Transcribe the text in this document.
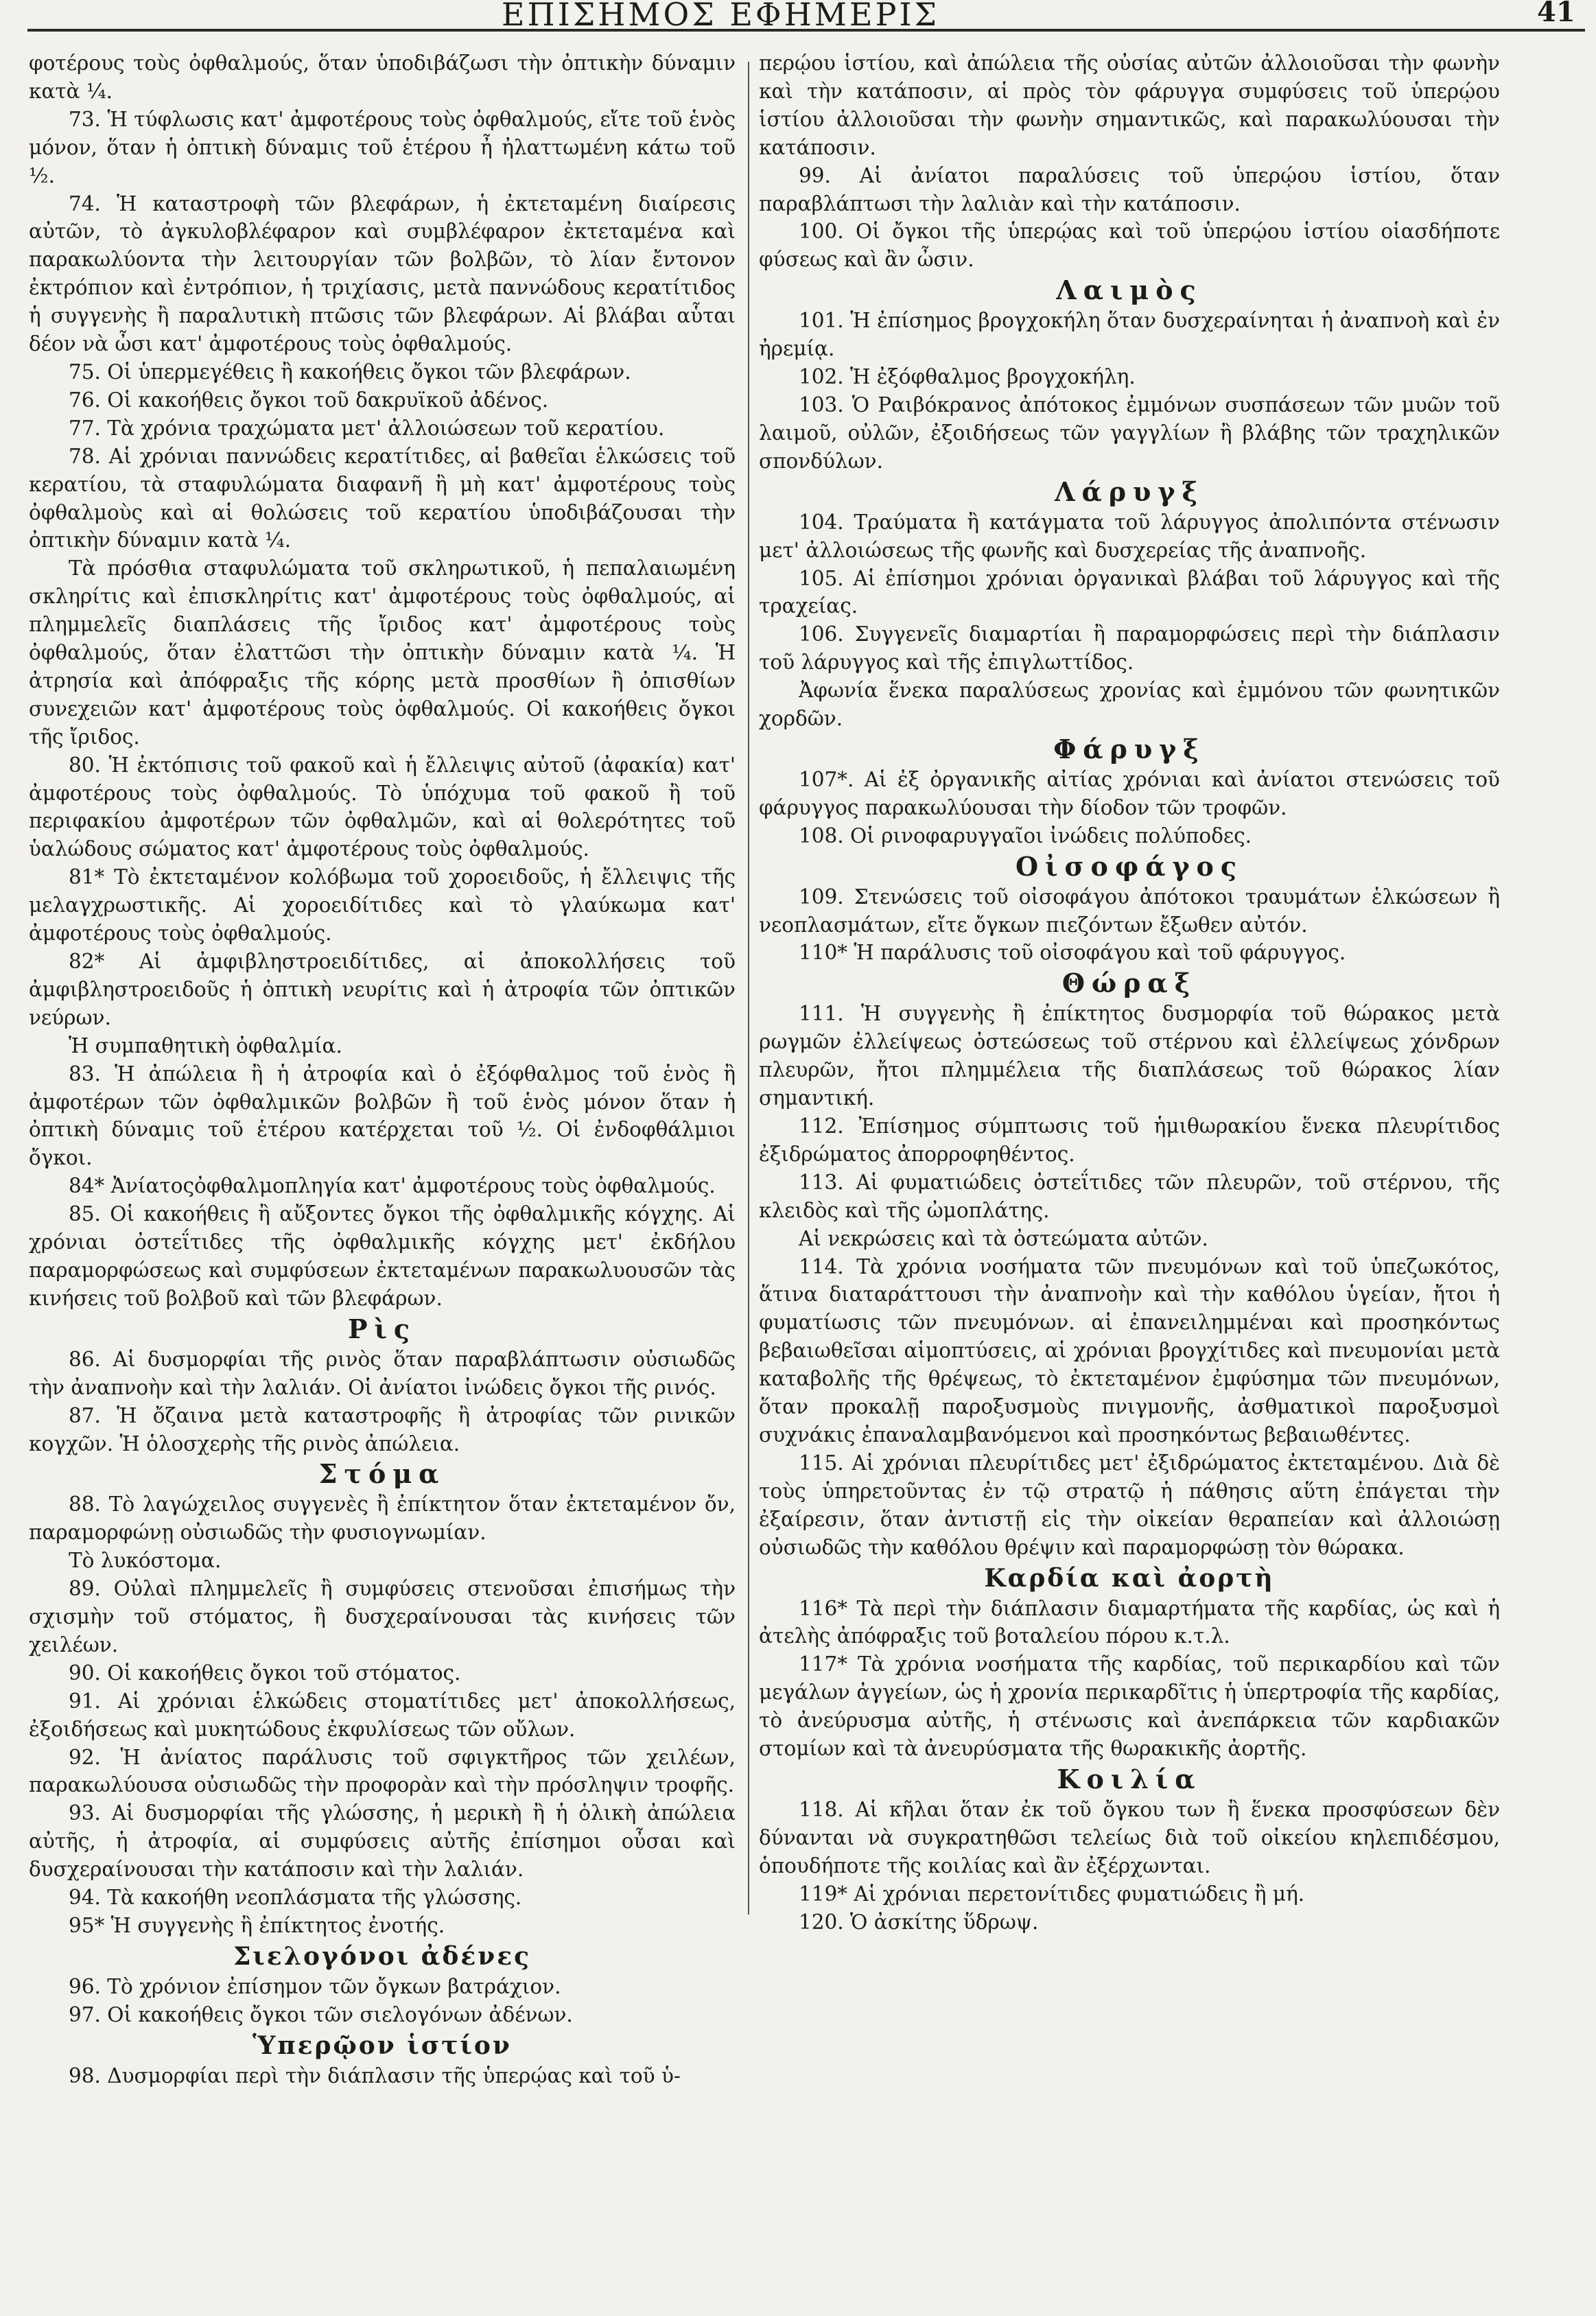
ΕΠΙΣΗΜΟΣ ΕΦΗΜΕΡΙΣ	41

φοτέρους τοὺς ὀφθαλμούς, ὅταν ὑποδιβάζωσι τὴν ὀπτικὴν δύναμιν κατὰ ¼.

73. Ἡ τύφλωσις κατ' ἀμφοτέρους τοὺς ὀφθαλμούς, εἴτε τοῦ ἑνὸς μόνον, ὅταν ἡ ὀπτικὴ δύναμις τοῦ ἑτέρου ἦ ἠλαττωμένη κάτω τοῦ ½.

74. Ἡ καταστροφὴ τῶν βλεφάρων, ἡ ἐκτεταμένη διαίρεσις αὐτῶν, τὸ ἀγκυλοβλέφαρον καὶ συμβλέφαρον ἐκτεταμένα καὶ παρακωλύοντα τὴν λειτουργίαν τῶν βολβῶν, τὸ λίαν ἔντονον ἐκτρόπιον καὶ ἐντρόπιον, ἡ τριχίασις, μετὰ παννώδους κερατίτιδος ἡ συγγενὴς ἢ παραλυτικὴ πτῶσις τῶν βλεφάρων. Αἱ βλάβαι αὗται δέον νὰ ὦσι κατ' ἀμφοτέρους τοὺς ὀφθαλμούς.

75. Οἱ ὑπερμεγέθεις ἢ κακοήθεις ὄγκοι τῶν βλεφάρων.

76. Οἱ κακοήθεις ὄγκοι τοῦ δακρυϊκοῦ ἀδένος.

77. Τὰ χρόνια τραχώματα μετ' ἀλλοιώσεων τοῦ κερατίου.

78. Αἱ χρόνιαι παννώδεις κερατίτιδες, αἱ βαθεῖαι ἑλκώσεις τοῦ κερατίου, τὰ σταφυλώματα διαφανῆ ἢ μὴ κατ' ἀμφοτέρους τοὺς ὀφθαλμοὺς καὶ αἱ θολώσεις τοῦ κερατίου ὑποδιβάζουσαι τὴν ὀπτικὴν δύναμιν κατὰ ¼.

Τὰ πρόσθια σταφυλώματα τοῦ σκληρωτικοῦ, ἡ πεπαλαιωμένη σκληρίτις καὶ ἐπισκληρίτις κατ' ἀμφοτέρους τοὺς ὀφθαλμούς, αἱ πλημμελεῖς διαπλάσεις τῆς ἴριδος κατ' ἀμφοτέρους τοὺς ὀφθαλμούς, ὅταν ἐλαττῶσι τὴν ὀπτικὴν δύναμιν κατὰ ¼. Ἡ ἀτρησία καὶ ἀπόφραξις τῆς κόρης μετὰ προσθίων ἢ ὀπισθίων συνεχειῶν κατ' ἀμφοτέρους τοὺς ὀφθαλμούς. Οἱ κακοήθεις ὄγκοι τῆς ἴριδος.

80. Ἡ ἐκτόπισις τοῦ φακοῦ καὶ ἡ ἔλλειψις αὐτοῦ (ἀφακία) κατ' ἀμφοτέρους τοὺς ὀφθαλμούς. Τὸ ὑπόχυμα τοῦ φακοῦ ἢ τοῦ περιφακίου ἀμφοτέρων τῶν ὀφθαλμῶν, καὶ αἱ θολερότητες τοῦ ὑαλώδους σώματος κατ' ἀμφοτέρους τοὺς ὀφθαλμούς.

81* Τὸ ἐκτεταμένον κολόβωμα τοῦ χοροειδοῦς, ἡ ἔλλειψις τῆς μελαγχρωστικῆς. Αἱ χοροειδίτιδες καὶ τὸ γλαύκωμα κατ' ἀμφοτέρους τοὺς ὀφθαλμούς.

82* Αἱ ἀμφιβληστροειδίτιδες, αἱ ἀποκολλήσεις τοῦ ἀμφιβληστροειδοῦς ἡ ὀπτικὴ νευρίτις καὶ ἡ ἀτροφία τῶν ὀπτικῶν νεύρων.

Ἡ συμπαθητικὴ ὀφθαλμία.

83. Ἡ ἀπώλεια ἢ ἡ ἀτροφία καὶ ὁ ἐξόφθαλμος τοῦ ἑνὸς ἢ ἀμφοτέρων τῶν ὀφθαλμικῶν βολβῶν ἢ τοῦ ἑνὸς μόνον ὅταν ἡ ὀπτικὴ δύναμις τοῦ ἑτέρου κατέρχεται τοῦ ½. Οἱ ἐνδοφθάλμιοι ὄγκοι.

84* Ἀνίατοςὀφθαλμοπληγία κατ' ἀμφοτέρους τοὺς ὀφθαλμούς.

85. Οἱ κακοήθεις ἢ αὔξοντες ὄγκοι τῆς ὀφθαλμικῆς κόγχης. Αἱ χρόνιαι ὀστεΐτιδες τῆς ὀφθαλμικῆς κόγχης μετ' ἐκδήλου παραμορφώσεως καὶ συμφύσεων ἐκτεταμένων παρακωλυουσῶν τὰς κινήσεις τοῦ βολβοῦ καὶ τῶν βλεφάρων.

Ρὶς

86. Αἱ δυσμορφίαι τῆς ρινὸς ὅταν παραβλάπτωσιν οὐσιωδῶς τὴν ἀναπνοὴν καὶ τὴν λαλιάν. Οἱ ἀνίατοι ἰνώδεις ὄγκοι τῆς ρινός.

87. Ἡ ὄζαινα μετὰ καταστροφῆς ἢ ἀτροφίας τῶν ρινικῶν κογχῶν. Ἡ ὁλοσχερὴς τῆς ρινὸς ἀπώλεια.

Στόμα

88. Τὸ λαγώχειλος συγγενὲς ἢ ἐπίκτητον ὅταν ἐκτεταμένον ὄν, παραμορφώνῃ οὐσιωδῶς τὴν φυσιογνωμίαν.

Τὸ λυκόστομα.

89. Οὐλαὶ πλημμελεῖς ἢ συμφύσεις στενοῦσαι ἐπισήμως τὴν σχισμὴν τοῦ στόματος, ἢ δυσχεραίνουσαι τὰς κινήσεις τῶν χειλέων.

90. Οἱ κακοήθεις ὄγκοι τοῦ στόματος.

91. Αἱ χρόνιαι ἑλκώδεις στοματίτιδες μετ' ἀποκολλήσεως, ἐξοιδήσεως καὶ μυκητώδους ἐκφυλίσεως τῶν οὔλων.

92. Ἡ ἀνίατος παράλυσις τοῦ σφιγκτῆρος τῶν χειλέων, παρακωλύουσα οὐσιωδῶς τὴν προφορὰν καὶ τὴν πρόσληψιν τροφῆς.

93. Αἱ δυσμορφίαι τῆς γλώσσης, ἡ μερικὴ ἢ ἡ ὁλικὴ ἀπώλεια αὐτῆς, ἡ ἀτροφία, αἱ συμφύσεις αὐτῆς ἐπίσημοι οὖσαι καὶ δυσχεραίνουσαι τὴν κατάποσιν καὶ τὴν λαλιάν.

94. Τὰ κακοήθη νεοπλάσματα τῆς γλώσσης.

95* Ἡ συγγενὴς ἢ ἐπίκτητος ἐνοτής.

Σιελογόνοι ἀδένες

96. Τὸ χρόνιον ἐπίσημον τῶν ὄγκων βατράχιον.

97. Οἱ κακοήθεις ὄγκοι τῶν σιελογόνων ἀδένων.

Ὑπερῷον ἱστίον

98. Δυσμορφίαι περὶ τὴν διάπλασιν τῆς ὑπερῴας καὶ τοῦ ὑ-

περῴου ἱστίου, καὶ ἀπώλεια τῆς οὐσίας αὐτῶν ἀλλοιοῦσαι τὴν φωνὴν καὶ τὴν κατάποσιν, αἱ πρὸς τὸν φάρυγγα συμφύσεις τοῦ ὑπερῴου ἱστίου ἀλλοιοῦσαι τὴν φωνὴν σημαντικῶς, καὶ παρακωλύουσαι τὴν κατάποσιν.

99. Αἱ ἀνίατοι παραλύσεις τοῦ ὑπερῴου ἱστίου, ὅταν παραβλάπτωσι τὴν λαλιὰν καὶ τὴν κατάποσιν.

100. Οἱ ὄγκοι τῆς ὑπερῴας καὶ τοῦ ὑπερῴου ἱστίου οἱασδήποτε φύσεως καὶ ἂν ὦσιν.

Λαιμὸς

101. Ἡ ἐπίσημος βρογχοκήλη ὅταν δυσχεραίνηται ἡ ἀναπνοὴ καὶ ἐν ἠρεμίᾳ.

102. Ἡ ἐξόφθαλμος βρογχοκήλη.

103. Ὁ Ραιβόκρανος ἀπότοκος ἐμμόνων συσπάσεων τῶν μυῶν τοῦ λαιμοῦ, οὐλῶν, ἐξοιδήσεως τῶν γαγγλίων ἢ βλάβης τῶν τραχηλικῶν σπονδύλων.

Λάρυγξ

104. Τραύματα ἢ κατάγματα τοῦ λάρυγγος ἀπολιπόντα στένωσιν μετ' ἀλλοιώσεως τῆς φωνῆς καὶ δυσχερείας τῆς ἀναπνοῆς.

105. Αἱ ἐπίσημοι χρόνιαι ὀργανικαὶ βλάβαι τοῦ λάρυγγος καὶ τῆς τραχείας.

106. Συγγενεῖς διαμαρτίαι ἢ παραμορφώσεις περὶ τὴν διάπλασιν τοῦ λάρυγγος καὶ τῆς ἐπιγλωττίδος.

Ἀφωνία ἕνεκα παραλύσεως χρονίας καὶ ἐμμόνου τῶν φωνητικῶν χορδῶν.

Φάρυγξ

107*. Αἱ ἐξ ὀργανικῆς αἰτίας χρόνιαι καὶ ἀνίατοι στενώσεις τοῦ φάρυγγος παρακωλύουσαι τὴν δίοδον τῶν τροφῶν.

108. Οἱ ρινοφαρυγγαῖοι ἰνώδεις πολύποδες.

Οἰσοφάγος

109. Στενώσεις τοῦ οἰσοφάγου ἀπότοκοι τραυμάτων ἑλκώσεων ἢ νεοπλασμάτων, εἴτε ὄγκων πιεζόντων ἔξωθεν αὐτόν.

110* Ἡ παράλυσις τοῦ οἰσοφάγου καὶ τοῦ φάρυγγος.

Θώραξ

111. Ἡ συγγενὴς ἢ ἐπίκτητος δυσμορφία τοῦ θώρακος μετὰ ρωγμῶν ἐλλείψεως ὀστεώσεως τοῦ στέρνου καὶ ἐλλείψεως χόνδρων πλευρῶν, ἤτοι πλημμέλεια τῆς διαπλάσεως τοῦ θώρακος λίαν σημαντική.

112. Ἐπίσημος σύμπτωσις τοῦ ἡμιθωρακίου ἕνεκα πλευρίτιδος ἐξιδρώματος ἀπορροφηθέντος.

113. Αἱ φυματιώδεις ὀστεΐτιδες τῶν πλευρῶν, τοῦ στέρνου, τῆς κλειδὸς καὶ τῆς ὠμοπλάτης.

Αἱ νεκρώσεις καὶ τὰ ὀστεώματα αὐτῶν.

114. Τὰ χρόνια νοσήματα τῶν πνευμόνων καὶ τοῦ ὑπεζωκότος, ἅτινα διαταράττουσι τὴν ἀναπνοὴν καὶ τὴν καθόλου ὑγείαν, ἤτοι ἡ φυματίωσις τῶν πνευμόνων. αἱ ἐπανειλημμέναι καὶ προσηκόντως βεβαιωθεῖσαι αἱμοπτύσεις, αἱ χρόνιαι βρογχίτιδες καὶ πνευμονίαι μετὰ καταβολῆς τῆς θρέψεως, τὸ ἐκτεταμένον ἐμφύσημα τῶν πνευμόνων, ὅταν προκαλῇ παροξυσμοὺς πνιγμονῆς, ἀσθματικοὶ παροξυσμοὶ συχνάκις ἐπαναλαμβανόμενοι καὶ προσηκόντως βεβαιωθέντες.

115. Αἱ χρόνιαι πλευρίτιδες μετ' ἐξιδρώματος ἐκτεταμένου. Διὰ δὲ τοὺς ὑπηρετοῦντας ἐν τῷ στρατῷ ἡ πάθησις αὕτη ἐπάγεται τὴν ἐξαίρεσιν, ὅταν ἀντιστῇ εἰς τὴν οἰκείαν θεραπείαν καὶ ἀλλοιώσῃ οὐσιωδῶς τὴν καθόλου θρέψιν καὶ παραμορφώσῃ τὸν θώρακα.

Καρδία καὶ ἀορτὴ

116* Τὰ περὶ τὴν διάπλασιν διαμαρτήματα τῆς καρδίας, ὡς καὶ ἡ ἀτελὴς ἀπόφραξις τοῦ βοταλείου πόρου κ.τ.λ.

117* Τὰ χρόνια νοσήματα τῆς καρδίας, τοῦ περικαρδίου καὶ τῶν μεγάλων ἀγγείων, ὡς ἡ χρονία περικαρδῖτις ἡ ὑπερτροφία τῆς καρδίας, τὸ ἀνεύρυσμα αὐτῆς, ἡ στένωσις καὶ ἀνεπάρκεια τῶν καρδιακῶν στομίων καὶ τὰ ἀνευρύσματα τῆς θωρακικῆς ἀορτῆς.

Κοιλία

118. Αἱ κῆλαι ὅταν ἐκ τοῦ ὄγκου των ἢ ἕνεκα προσφύσεων δὲν δύνανται νὰ συγκρατηθῶσι τελείως διὰ τοῦ οἰκείου κηλεπιδέσμου, ὁπουδήποτε τῆς κοιλίας καὶ ἂν ἐξέρχωνται.

119* Αἱ χρόνιαι περετονίτιδες φυματιώδεις ἢ μή.

120. Ὁ ἀσκίτης ὕδρωψ.
